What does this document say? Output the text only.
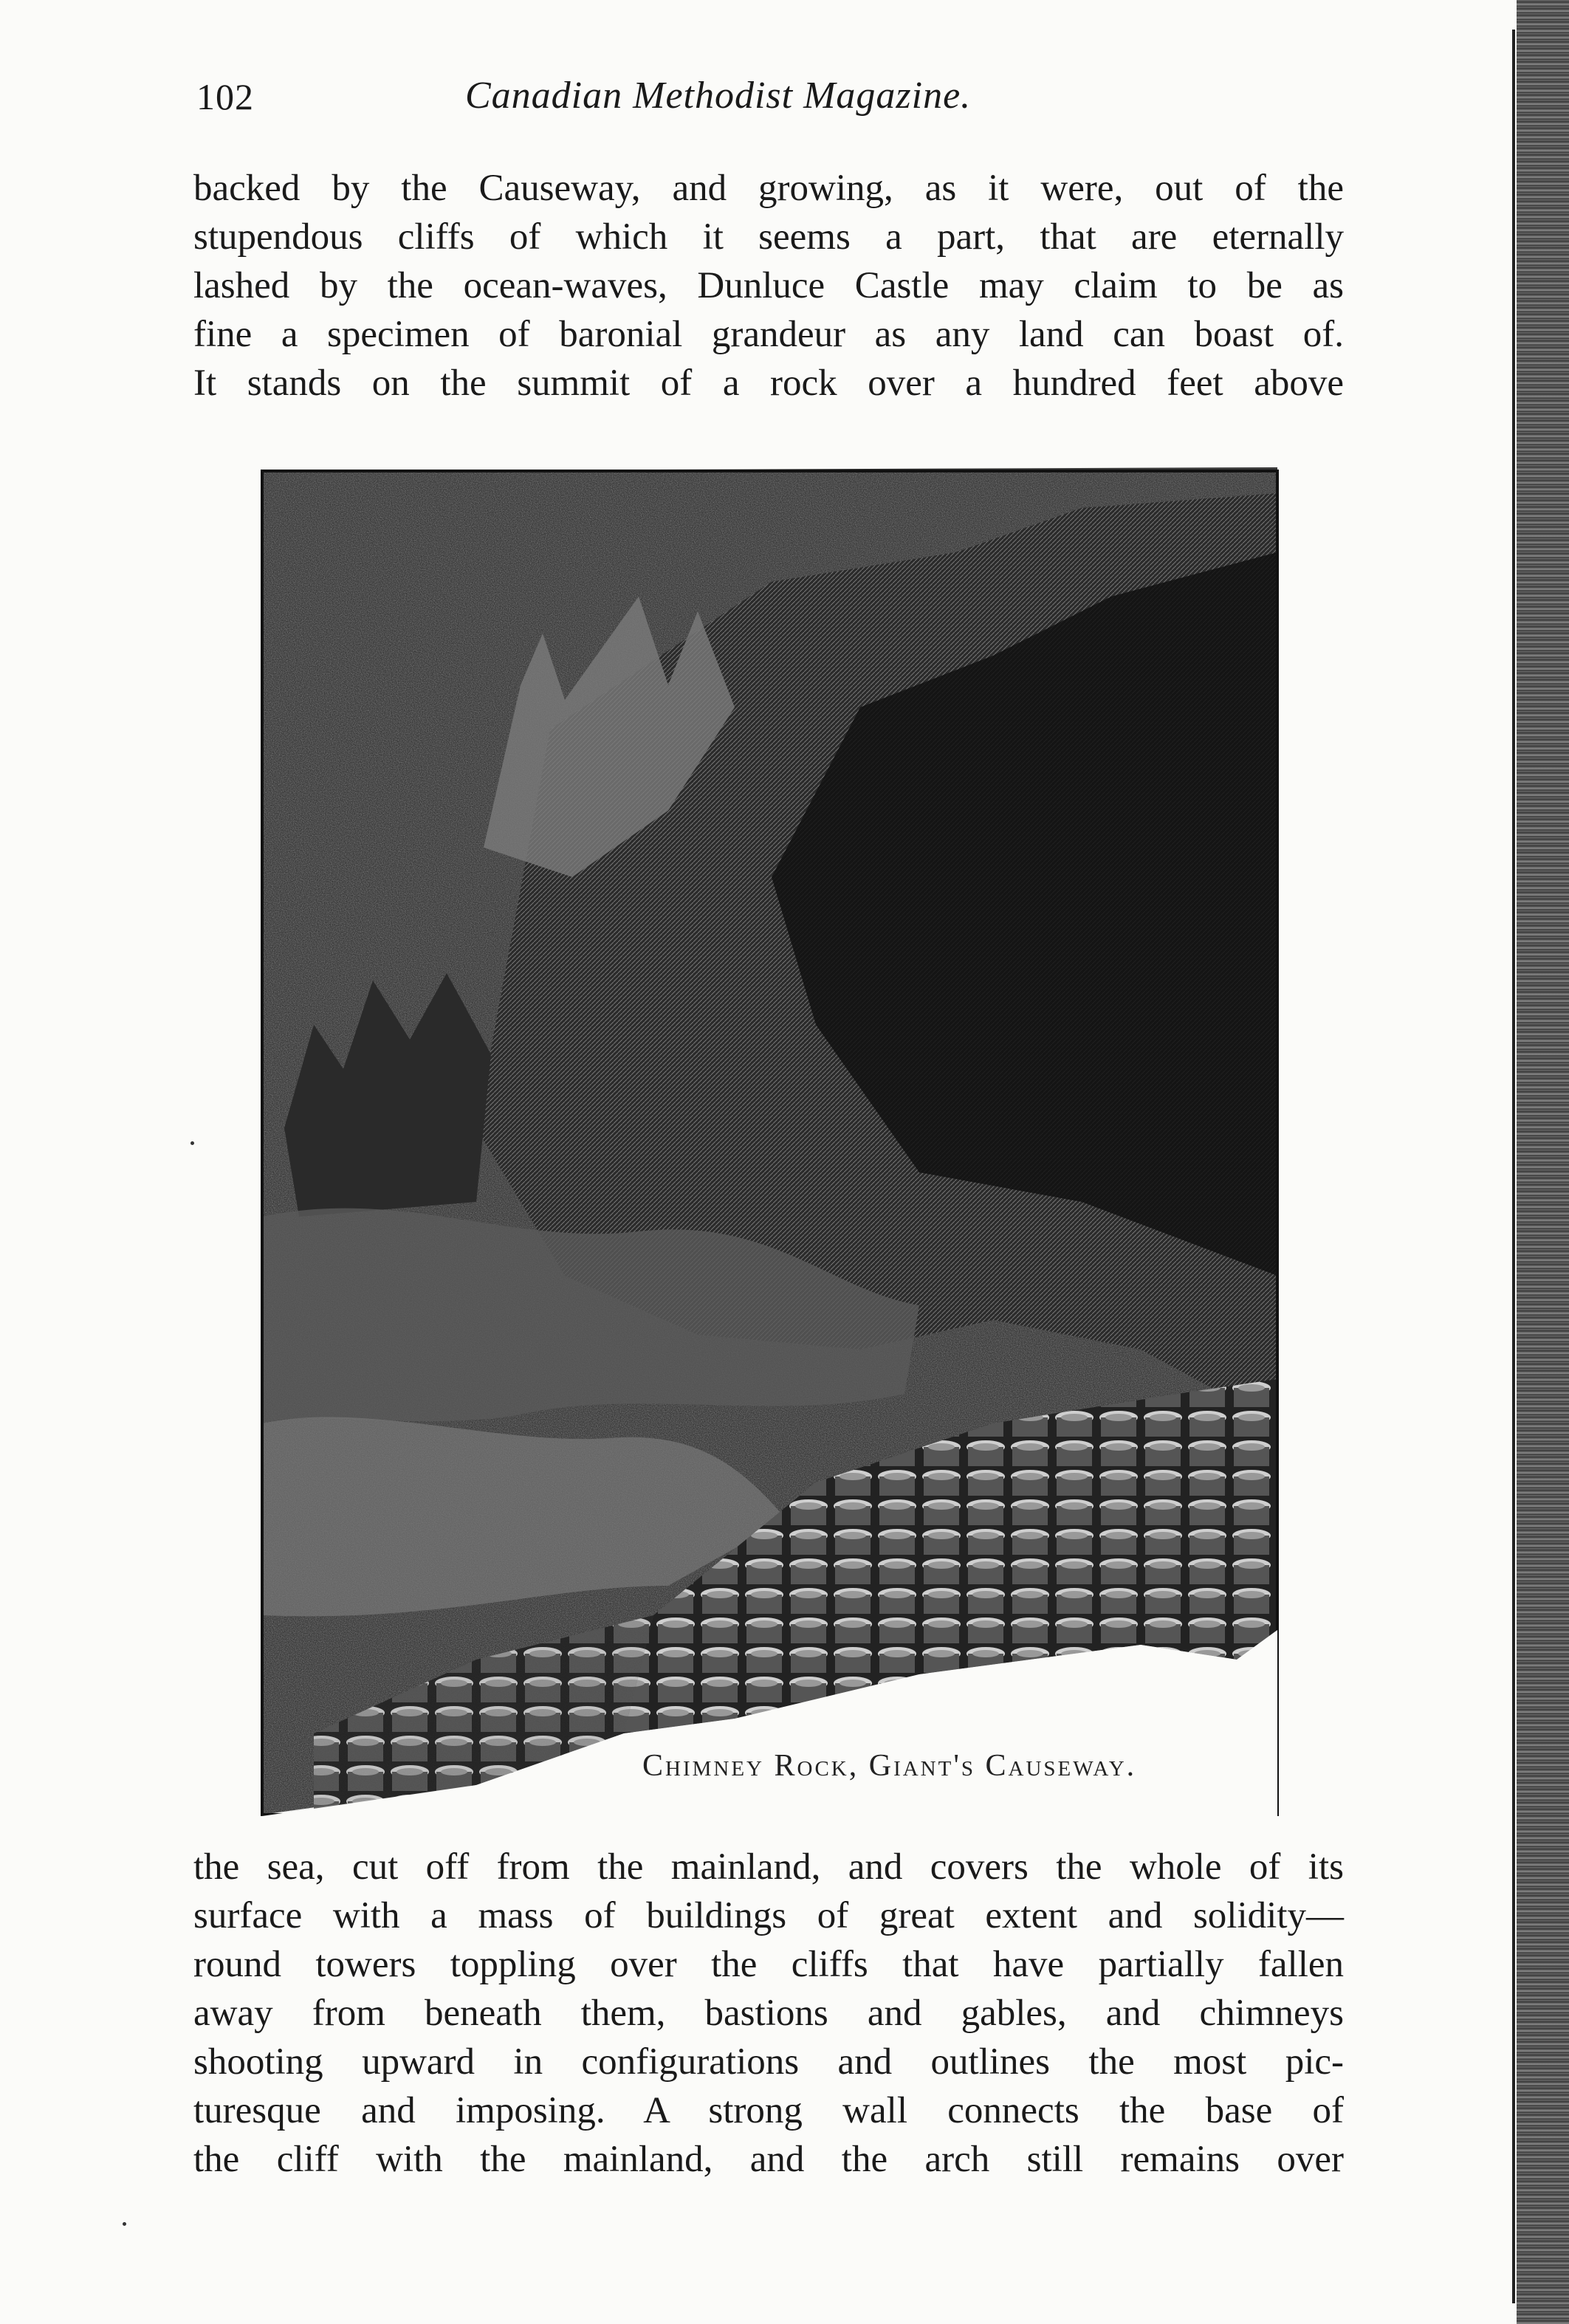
102	Canadian Methodist Magazine.
backed by the Causeway, and growing, as it were, out of the
stupendous cliffs of which it seems a part, that are eternally
lashed by the ocean-waves, Dunluce Castle may claim to be as
fine a specimen of baronial grandeur as any land can boast of.
It stands on the summit of a rock over a hundred feet above
Chimney Rock, Giant's Causeway.
the sea, cut off from the mainland, and covers the whole of its
surface with a mass of buildings of great extent and solidity—
round towers toppling over the cliffs that have partially fallen
away from beneath them, bastions and gables, and chimneys
shooting upward in configurations and outlines the most pic-
turesque and imposing. A strong wall connects the base of
the cliff with the mainland, and the arch still remains over
